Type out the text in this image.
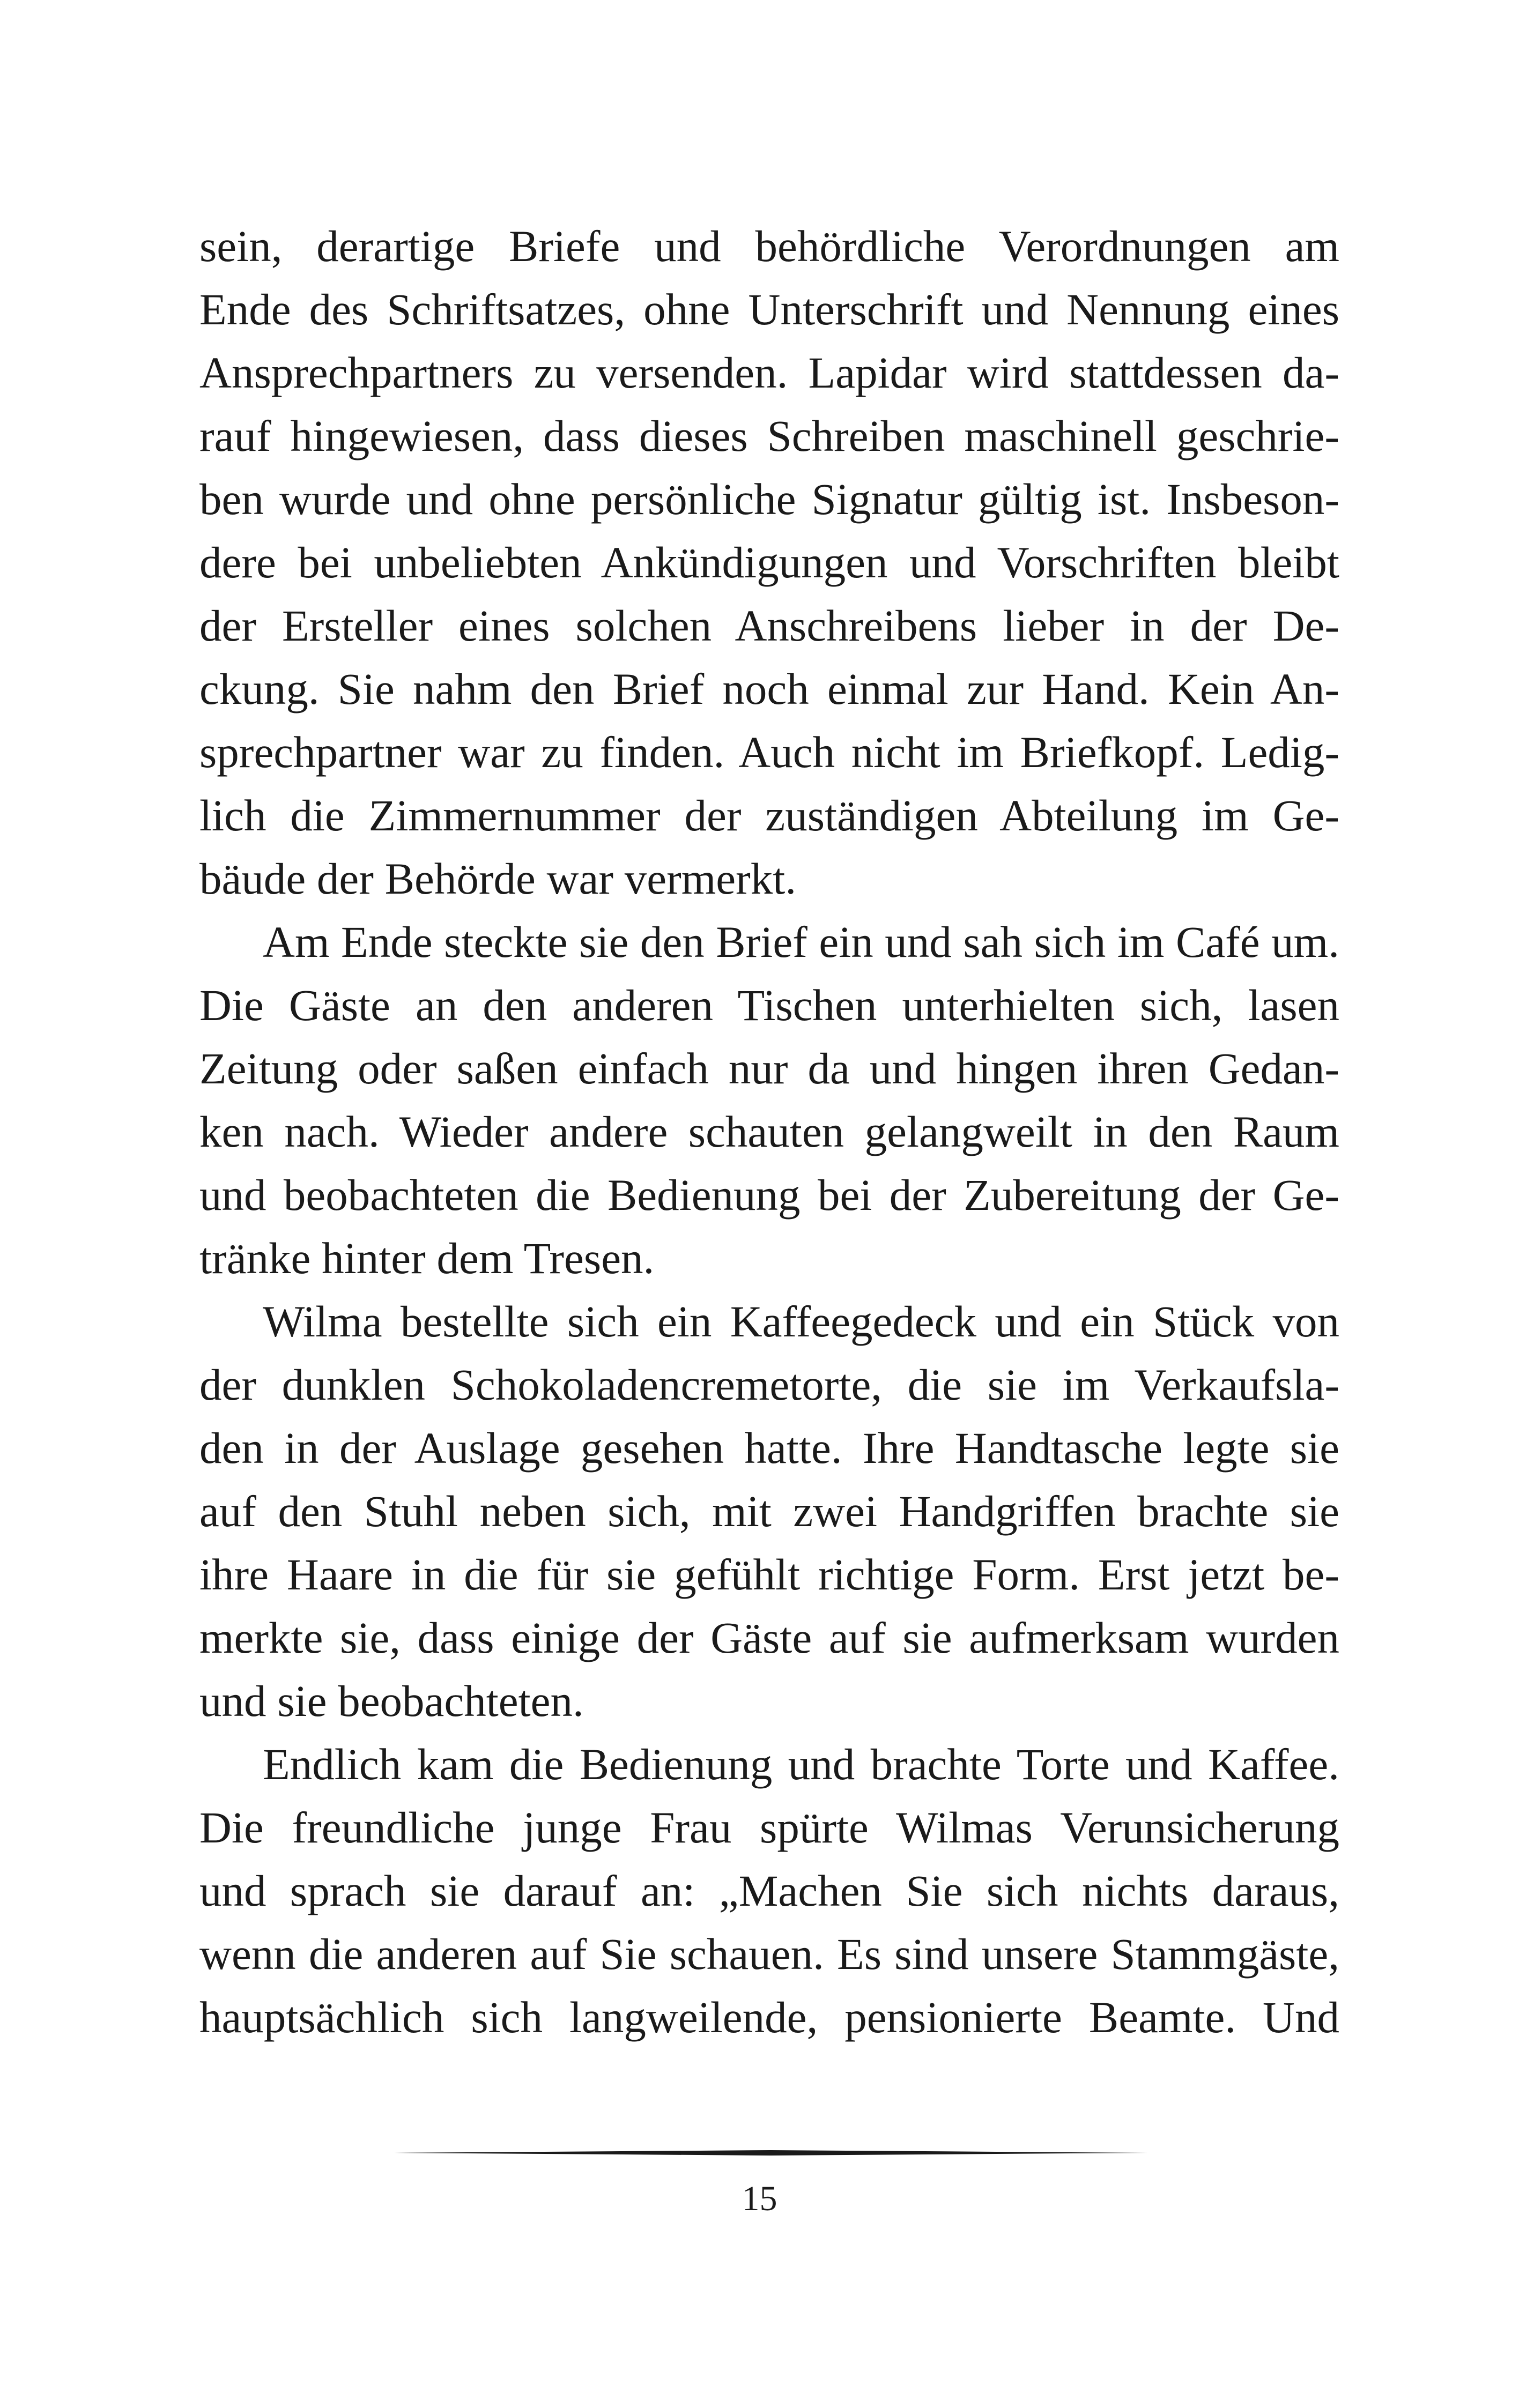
sein, derartige Briefe und behördliche Verordnungen am
Ende des Schriftsatzes, ohne Unterschrift und Nennung eines
Ansprechpartners zu versenden. Lapidar wird stattdessen da-
rauf hingewiesen, dass dieses Schreiben maschinell geschrie-
ben wurde und ohne persönliche Signatur gültig ist. Insbeson-
dere bei unbeliebten Ankündigungen und Vorschriften bleibt
der Ersteller eines solchen Anschreibens lieber in der De-
ckung. Sie nahm den Brief noch einmal zur Hand. Kein An-
sprechpartner war zu finden. Auch nicht im Briefkopf. Ledig-
lich die Zimmernummer der zuständigen Abteilung im Ge-
bäude der Behörde war vermerkt.
Am Ende steckte sie den Brief ein und sah sich im Café um.
Die Gäste an den anderen Tischen unterhielten sich, lasen
Zeitung oder saßen einfach nur da und hingen ihren Gedan-
ken nach. Wieder andere schauten gelangweilt in den Raum
und beobachteten die Bedienung bei der Zubereitung der Ge-
tränke hinter dem Tresen.
Wilma bestellte sich ein Kaffeegedeck und ein Stück von
der dunklen Schokoladencremetorte, die sie im Verkaufsla-
den in der Auslage gesehen hatte. Ihre Handtasche legte sie
auf den Stuhl neben sich, mit zwei Handgriffen brachte sie
ihre Haare in die für sie gefühlt richtige Form. Erst jetzt be-
merkte sie, dass einige der Gäste auf sie aufmerksam wurden
und sie beobachteten.
Endlich kam die Bedienung und brachte Torte und Kaffee.
Die freundliche junge Frau spürte Wilmas Verunsicherung
und sprach sie darauf an: „Machen Sie sich nichts daraus,
wenn die anderen auf Sie schauen. Es sind unsere Stammgäste,
hauptsächlich sich langweilende, pensionierte Beamte. Und
15
